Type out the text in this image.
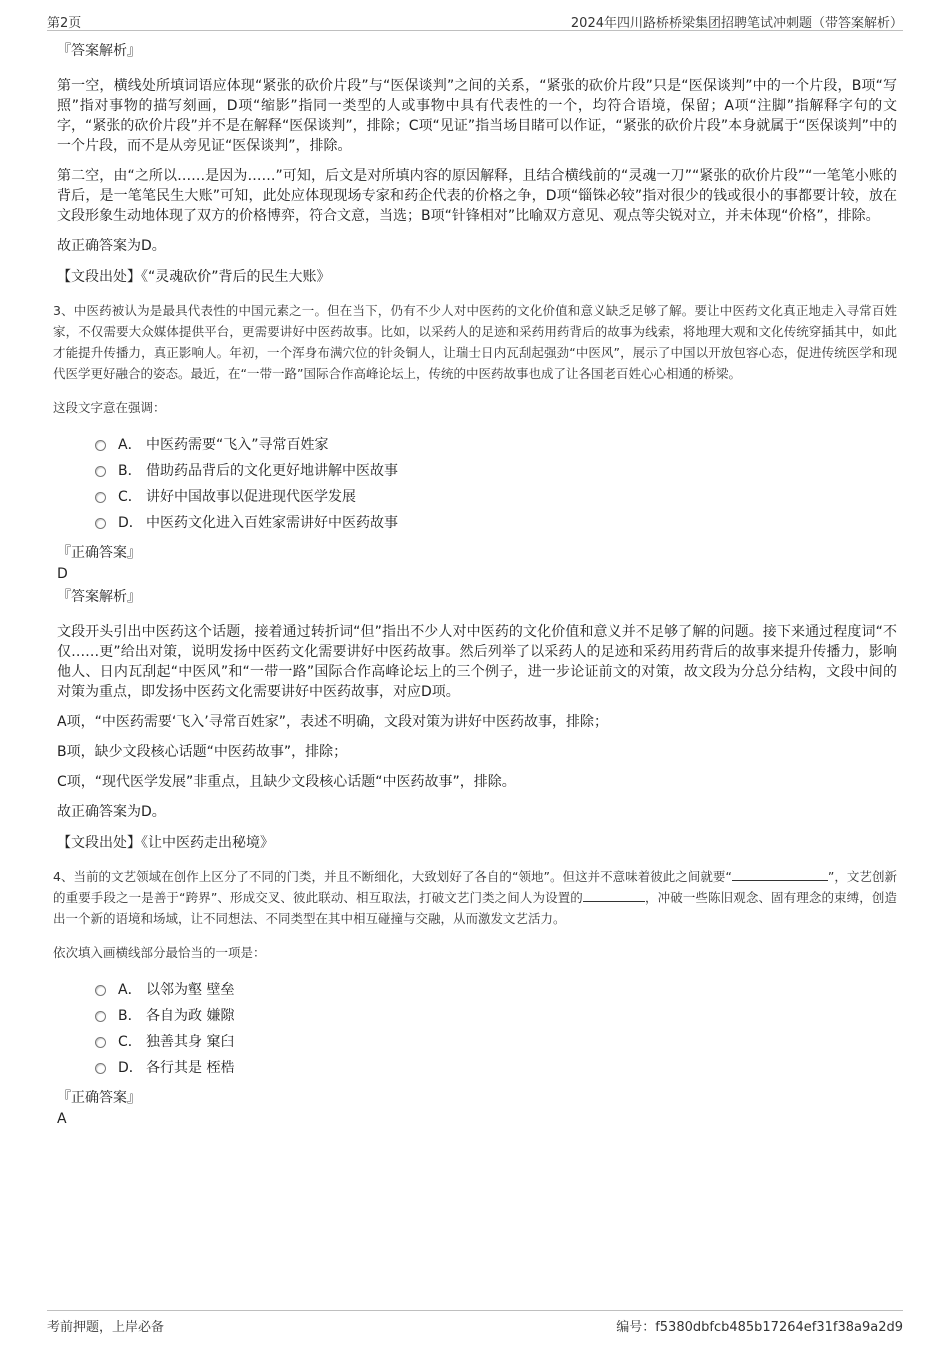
第2页	2024年四川路桥桥梁集团招聘笔试冲刺题（带答案解析）
『答案解析』

第一空，横线处所填词语应体现“紧张的砍价片段”与“医保谈判”之间的关系，“紧张的砍价片段”只是“医保谈判”中的一个片段，B项“写照”指对事物的描写刻画，D项“缩影”指同一类型的人或事物中具有代表性的一个，均符合语境，保留；A项“注脚”指解释字句的文字，“紧张的砍价片段”并不是在解释“医保谈判”，排除；C项“见证”指当场目睹可以作证，“紧张的砍价片段”本身就属于“医保谈判”中的一个片段，而不是从旁见证“医保谈判”，排除。

第二空，由“之所以……是因为……”可知，后文是对所填内容的原因解释，且结合横线前的“灵魂一刀”“紧张的砍价片段”“一笔笔小账的背后，是一笔笔民生大账”可知，此处应体现现场专家和药企代表的价格之争，D项“锱铢必较”指对很少的钱或很小的事都要计较，放在文段形象生动地体现了双方的价格博弈，符合文意，当选；B项“针锋相对”比喻双方意见、观点等尖锐对立，并未体现“价格”，排除。

故正确答案为D。

【文段出处】《“灵魂砍价”背后的民生大账》

3、中医药被认为是最具代表性的中国元素之一。但在当下，仍有不少人对中医药的文化价值和意义缺乏足够了解。要让中医药文化真正地走入寻常百姓家，不仅需要大众媒体提供平台，更需要讲好中医药故事。比如，以采药人的足迹和采药用药背后的故事为线索，将地理大观和文化传统穿插其中，如此才能提升传播力，真正影响人。年初，一个浑身布满穴位的针灸铜人，让瑞士日内瓦刮起强劲“中医风”，展示了中国以开放包容心态，促进传统医学和现代医学更好融合的姿态。最近，在“一带一路”国际合作高峰论坛上，传统的中医药故事也成了让各国老百姓心心相通的桥梁。

这段文字意在强调：

A． 中医药需要“飞入”寻常百姓家
B． 借助药品背后的文化更好地讲解中医故事
C． 讲好中国故事以促进现代医学发展
D． 中医药文化进入百姓家需讲好中医药故事
『正确答案』

D

『答案解析』

文段开头引出中医药这个话题，接着通过转折词“但”指出不少人对中医药的文化价值和意义并不足够了解的问题。接下来通过程度词“不仅……更”给出对策，说明发扬中医药文化需要讲好中医药故事。然后列举了以采药人的足迹和采药用药背后的故事来提升传播力，影响他人、日内瓦刮起“中医风”和“一带一路”国际合作高峰论坛上的三个例子，进一步论证前文的对策，故文段为分总分结构，文段中间的对策为重点，即发扬中医药文化需要讲好中医药故事，对应D项。

A项，“中医药需要‘飞入’寻常百姓家”，表述不明确，文段对策为讲好中医药故事，排除；

B项，缺少文段核心话题“中医药故事”，排除；

C项，“现代医学发展”非重点，且缺少文段核心话题“中医药故事”，排除。

故正确答案为D。

【文段出处】《让中医药走出秘境》

4、当前的文艺领域在创作上区分了不同的门类，并且不断细化，大致划好了各自的“领地”。但这并不意味着彼此之间就要“	”，文艺创新的重要手段之一是善于“跨界”、形成交叉、彼此联动、相互取法，打破文艺门类之间人为设置的	，冲破一些陈旧观念、固有理念的束缚，创造出一个新的语境和场域，让不同想法、不同类型在其中相互碰撞与交融，从而激发文艺活力。

依次填入画横线部分最恰当的一项是：

A． 以邻为壑 壁垒
B． 各自为政 嫌隙
C． 独善其身 窠臼
D． 各行其是 桎梏
『正确答案』

A

考前押题，上岸必备	编号：f5380dbfcb485b17264ef31f38a9a2d9
